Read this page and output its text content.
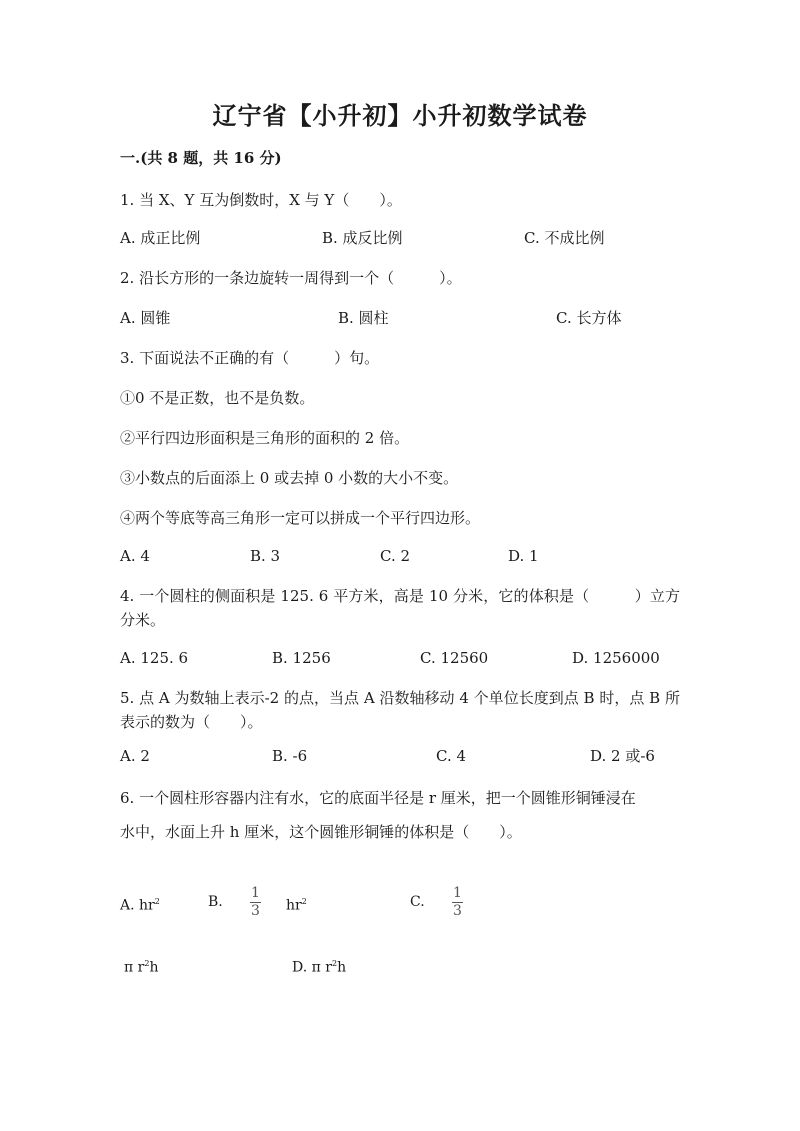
辽宁省【小升初】小升初数学试卷
一.(共 8 题，共 16 分)
1. 当 X、Y 互为倒数时，X 与 Y（　　）。
A. 成正比例	B. 成反比例	C. 不成比例
2. 沿长方形的一条边旋转一周得到一个（　　　）。
A. 圆锥	B. 圆柱	C. 长方体
3. 下面说法不正确的有（　　　）句。
①0 不是正数，也不是负数。
②平行四边形面积是三角形的面积的 2 倍。
③小数点的后面添上 0 或去掉 0 小数的大小不变。
④两个等底等高三角形一定可以拼成一个平行四边形。
A. 4	B. 3	C. 2	D. 1
4. 一个圆柱的侧面积是 125. 6 平方米，高是 10 分米，它的体积是（　　　）立方分米。
A. 125. 6	B. 1256	C. 12560	D. 1256000
5. 点 A 为数轴上表示-2 的点，当点 A 沿数轴移动 4 个单位长度到点 B 时，点 B 所表示的数为（　　）。
A. 2	B. -6	C. 4	D. 2 或-6
6. 一个圆柱形容器内注有水，它的底面半径是 r 厘米，把一个圆锥形铜锤浸在
水中，水面上升 h 厘米，这个圆锥形铜锤的体积是（　　）。
A. $hr^2$	B.
1
3 $hr^2$	C.
1
3
π $r^2h$	D. π $r^2h$
